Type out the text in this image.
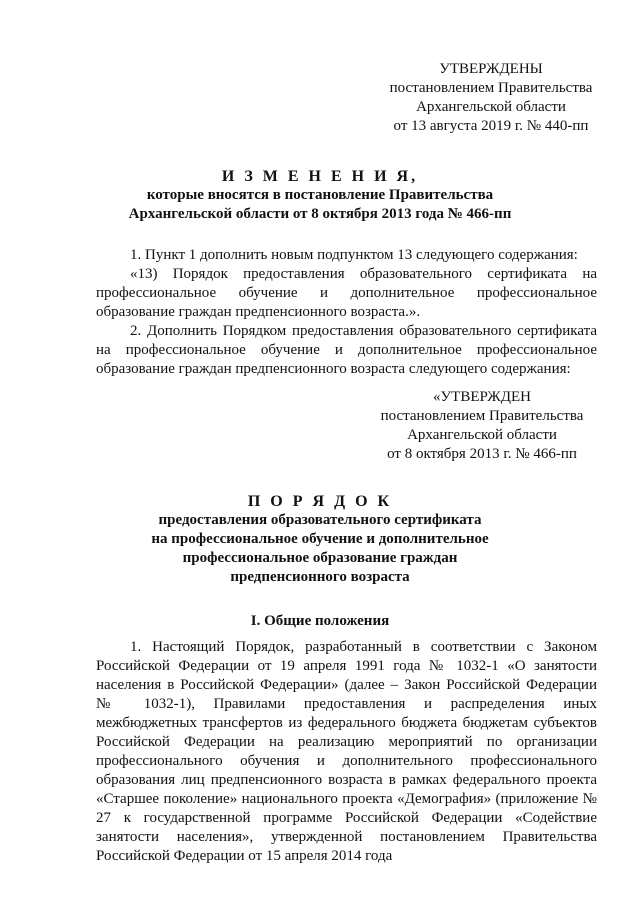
УТВЕРЖДЕНЫ
постановлением Правительства
Архангельской области
от 13 августа 2019 г. № 440-пп
И З М Е Н Е Н И Я,
которые вносятся в постановление Правительства
Архангельской области от 8 октября 2013 года № 466-пп

1. Пункт 1 дополнить новым подпунктом 13 следующего содержания:

«13) Порядок предоставления образовательного сертификата на профессиональное обучение и дополнительное профессиональное образование граждан предпенсионного возраста.».

2. Дополнить Порядком предоставления образовательного сертификата на профессиональное обучение и дополнительное профессиональное образование граждан предпенсионного возраста следующего содержания:

«УТВЕРЖДЕН
постановлением Правительства
Архангельской области
от 8 октября 2013 г. № 466-пп
П О Р Я Д О К
предоставления образовательного сертификата
на профессиональное обучение и дополнительное
профессиональное образование граждан
предпенсионного возраста
I. Общие положения

1. Настоящий Порядок, разработанный в соответствии с Законом Российской Федерации от 19 апреля 1991 года № 1032-1 «О занятости населения в Российской Федерации» (далее – Закон Российской Федерации № 1032-1), Правилами предоставления и распределения иных межбюджетных трансфертов из федерального бюджета бюджетам субъектов Российской Федерации на реализацию мероприятий по организации профессионального обучения и дополнительного профессионального образования лиц предпенсионного возраста в рамках федерального проекта «Старшее поколение» национального проекта «Демография» (приложение № 27 к государственной программе Российской Федерации «Содействие занятости населения», утвержденной постановлением Правительства Российской Федерации от 15 апреля 2014 года
